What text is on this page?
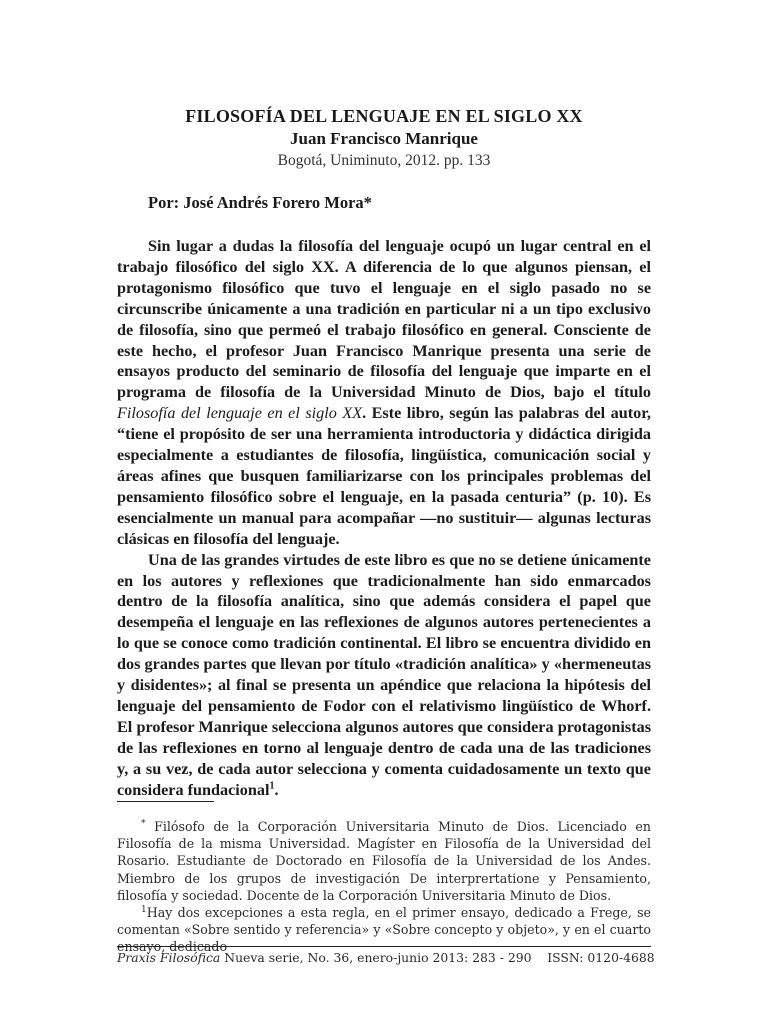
FILOSOFÍA DEL LENGUAJE EN EL SIGLO XX
Juan Francisco Manrique
Bogotá, Uniminuto, 2012. pp. 133
Por: José Andrés Forero Mora*

Sin lugar a dudas la filosofía del lenguaje ocupó un lugar central en el trabajo filosófico del siglo XX. A diferencia de lo que algunos piensan, el protagonismo filosófico que tuvo el lenguaje en el siglo pasado no se circunscribe únicamente a una tradición en particular ni a un tipo exclusivo de filosofía, sino que permeó el trabajo filosófico en general. Consciente de este hecho, el profesor Juan Francisco Manrique presenta una serie de ensayos producto del seminario de filosofía del lenguaje que imparte en el programa de filosofía de la Universidad Minuto de Dios, bajo el título Filosofía del lenguaje en el siglo XX. Este libro, según las palabras del autor, “tiene el propósito de ser una herramienta introductoria y didáctica dirigida especialmente a estudiantes de filosofía, lingüística, comunicación social y áreas afines que busquen familiarizarse con los principales problemas del pensamiento filosófico sobre el lenguaje, en la pasada centuria” (p. 10). Es esencialmente un manual para acompañar —no sustituir— algunas lecturas clásicas en filosofía del lenguaje.

Una de las grandes virtudes de este libro es que no se detiene únicamente en los autores y reflexiones que tradicionalmente han sido enmarcados dentro de la filosofía analítica, sino que además considera el papel que desempeña el lenguaje en las reflexiones de algunos autores pertenecientes a lo que se conoce como tradición continental. El libro se encuentra dividido en dos grandes partes que llevan por título «tradición analítica» y «hermeneutas y disidentes»; al final se presenta un apéndice que relaciona la hipótesis del lenguaje del pensamiento de Fodor con el relativismo lingüístico de Whorf. El profesor Manrique selecciona algunos autores que considera protagonistas de las reflexiones en torno al lenguaje dentro de cada una de las tradiciones y, a su vez, de cada autor selecciona y comenta cuidadosamente un texto que considera fundacional$^1$.

* Filósofo de la Corporación Universitaria Minuto de Dios. Licenciado en Filosofía de la misma Universidad. Magíster en Filosofía de la Universidad del Rosario. Estudiante de Doctorado en Filosofía de la Universidad de los Andes. Miembro de los grupos de investigación De interprertatione y Pensamiento, filosofía y sociedad. Docente de la Corporación Universitaria Minuto de Dios.

$^1$Hay dos excepciones a esta regla, en el primer ensayo, dedicado a Frege, se comentan «Sobre sentido y referencia» y «Sobre concepto y objeto», y en el cuarto ensayo, dedicado

Praxis Filosófica Nueva serie, No. 36, enero-junio 2013: 283 - 290    ISSN: 0120-4688
